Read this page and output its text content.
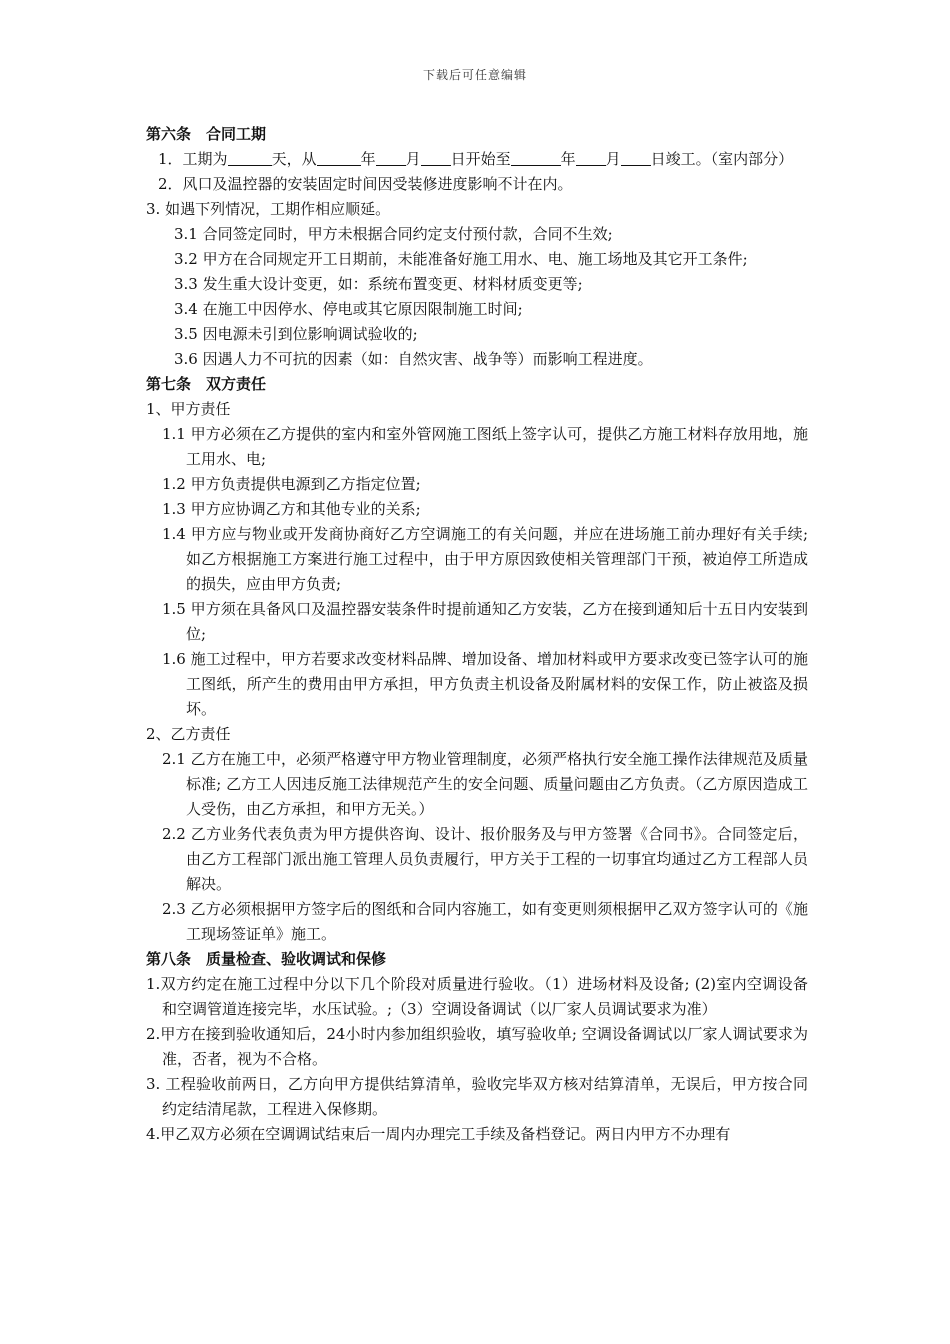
下载后可任意编辑

第六条　合同工期

1．工期为	天，从	年 月 日开始至	年 月 日竣工。（室内部分）

2．风口及温控器的安装固定时间因受装修进度影响不计在内。

3. 如遇下列情况，工期作相应顺延。

3.1 合同签定同时，甲方未根据合同约定支付预付款，合同不生效;

3.2 甲方在合同规定开工日期前，未能准备好施工用水、电、施工场地及其它开工条件;

3.3 发生重大设计变更，如：系统布置变更、材料材质变更等;

3.4 在施工中因停水、停电或其它原因限制施工时间;

3.5 因电源未引到位影响调试验收的;

3.6 因遇人力不可抗的因素（如：自然灾害、战争等）而影响工程进度。

第七条　双方责任

1、甲方责任

1.1 甲方必须在乙方提供的室内和室外管网施工图纸上签字认可，提供乙方施工材料存放用地，施工用水、电;

1.2 甲方负责提供电源到乙方指定位置;

1.3 甲方应协调乙方和其他专业的关系;

1.4 甲方应与物业或开发商协商好乙方空调施工的有关问题，并应在进场施工前办理好有关手续; 如乙方根据施工方案进行施工过程中，由于甲方原因致使相关管理部门干预，被迫停工所造成的损失，应由甲方负责;

1.5 甲方须在具备风口及温控器安装条件时提前通知乙方安装，乙方在接到通知后十五日内安装到位;

1.6 施工过程中，甲方若要求改变材料品牌、增加设备、增加材料或甲方要求改变已签字认可的施工图纸，所产生的费用由甲方承担，甲方负责主机设备及附属材料的安保工作，防止被盗及损坏。

2、乙方责任

2.1 乙方在施工中，必须严格遵守甲方物业管理制度，必须严格执行安全施工操作法律规范及质量标准; 乙方工人因违反施工法律规范产生的安全问题、质量问题由乙方负责。（乙方原因造成工人受伤，由乙方承担，和甲方无关。）

2.2 乙方业务代表负责为甲方提供咨询、设计、报价服务及与甲方签署《合同书》。合同签定后，由乙方工程部门派出施工管理人员负责履行，甲方关于工程的一切事宜均通过乙方工程部人员解决。

2.3 乙方必须根据甲方签字后的图纸和合同内容施工，如有变更则须根据甲乙双方签字认可的《施工现场签证单》施工。

第八条　质量检查、验收调试和保修

1.双方约定在施工过程中分以下几个阶段对质量进行验收。（1）进场材料及设备; (2)室内空调设备和空调管道连接完毕，水压试验。;（3）空调设备调试（以厂家人员调试要求为准）

2.甲方在接到验收通知后，24小时内参加组织验收，填写验收单; 空调设备调试以厂家人调试要求为准，否者，视为不合格。

3. 工程验收前两日，乙方向甲方提供结算清单，验收完毕双方核对结算清单，无误后，甲方按合同约定结清尾款，工程进入保修期。

4.甲乙双方必须在空调调试结束后一周内办理完工手续及备档登记。两日内甲方不办理有
